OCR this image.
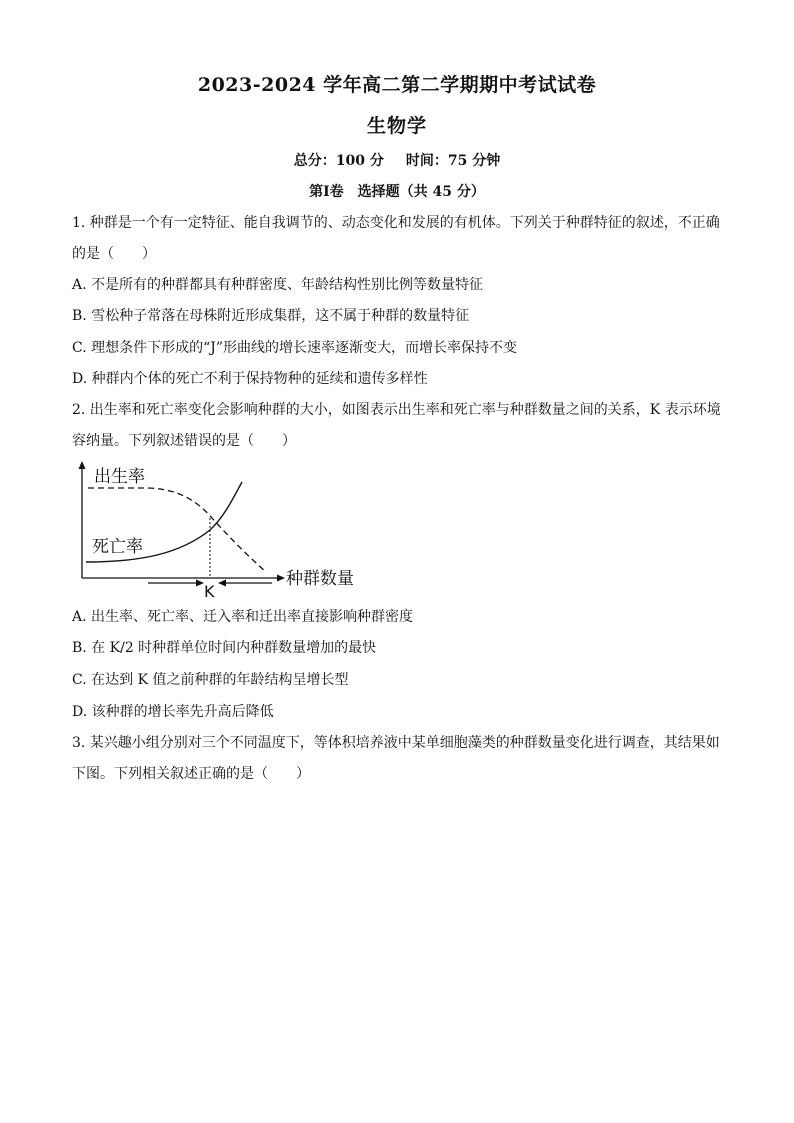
2023-2024 学年高二第二学期期中考试试卷
生物学
总分：100 分 时间：75 分钟
第Ⅰ卷　选择题（共 45 分）
1. 种群是一个有一定特征、能自我调节的、动态变化和发展的有机体。下列关于种群特征的叙述，不正确
的是（　　）
A. 不是所有的种群都具有种群密度、年龄结构性别比例等数量特征
B. 雪松种子常落在母株附近形成集群，这不属于种群的数量特征
C. 理想条件下形成的“J”形曲线的增长速率逐渐变大，而增长率保持不变
D. 种群内个体的死亡不利于保持物种的延续和遗传多样性
2. 出生率和死亡率变化会影响种群的大小，如图表示出生率和死亡率与种群数量之间的关系，K 表示环境
容纳量。下列叙述错误的是（　　）
出生率
死亡率
种群数量
K
A. 出生率、死亡率、迁入率和迁出率直接影响种群密度
B. 在 K/2 时种群单位时间内种群数量增加的最快
C. 在达到 K 值之前种群的年龄结构呈增长型
D. 该种群的增长率先升高后降低
3. 某兴趣小组分别对三个不同温度下，等体积培养液中某单细胞藻类的种群数量变化进行调查，其结果如
下图。下列相关叙述正确的是（　　）
